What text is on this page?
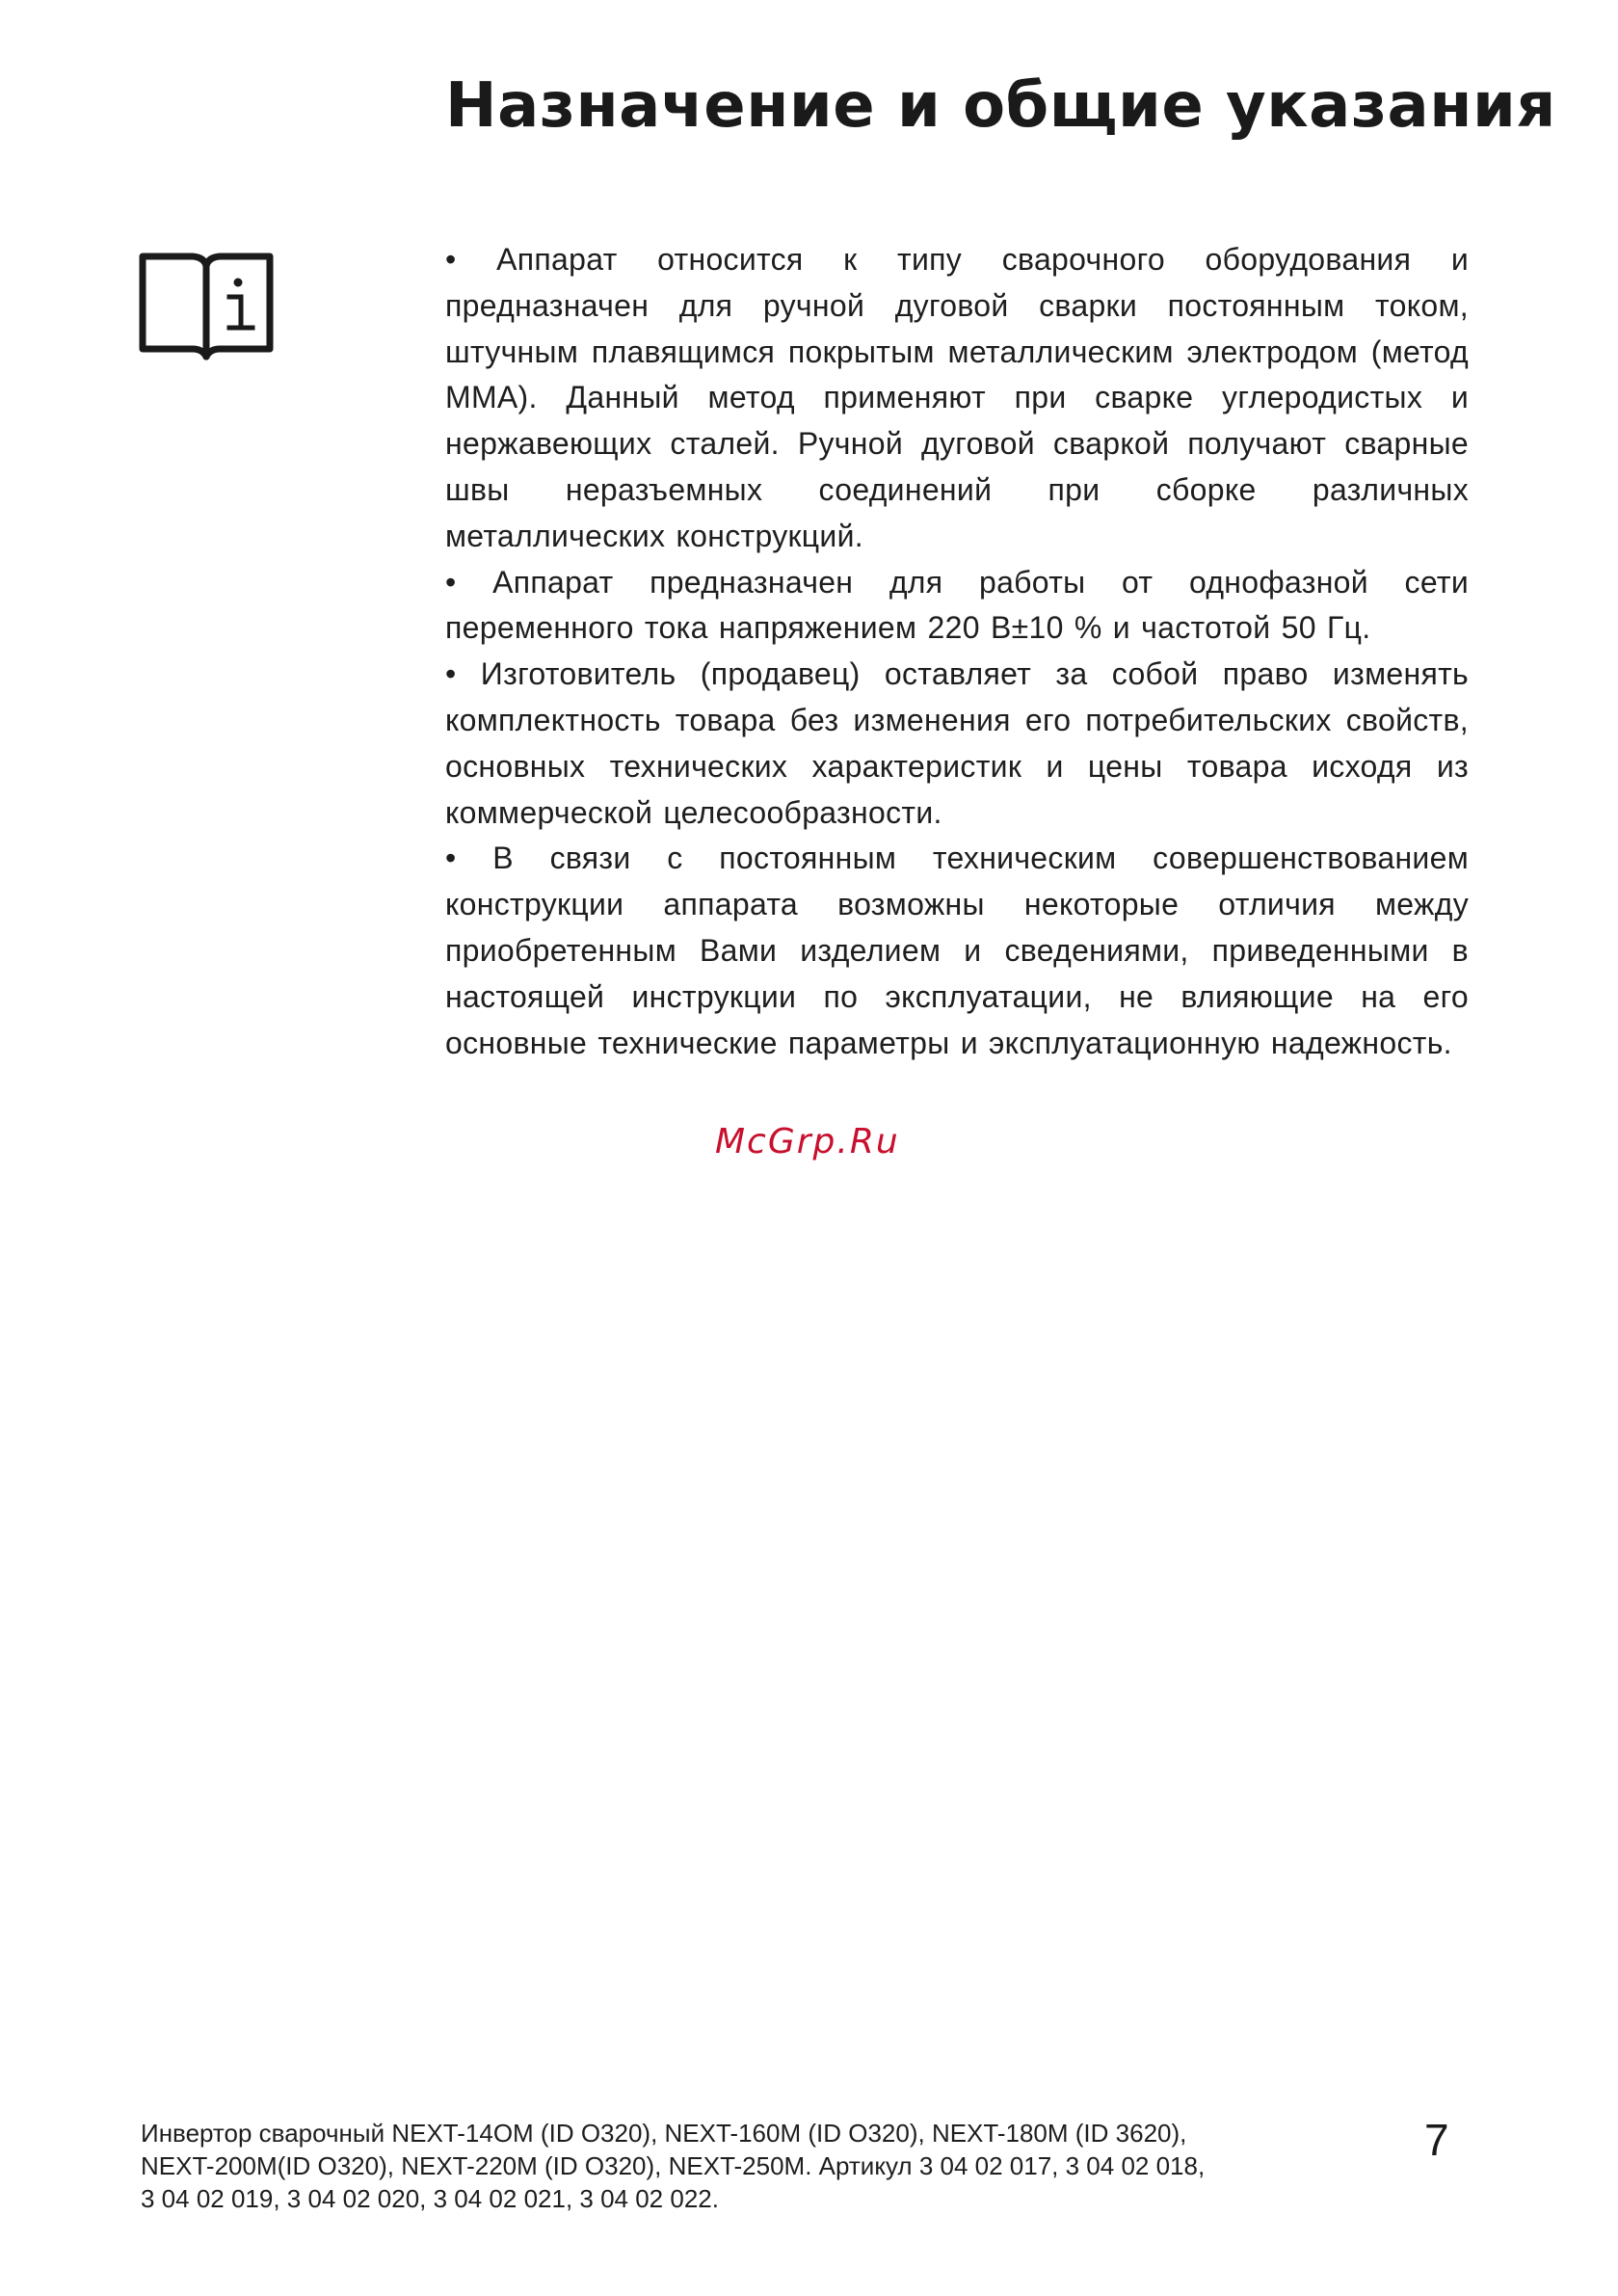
Назначение и общие указания

• Аппарат относится к типу сварочного оборудования и предназначен для ручной дуговой сварки постоянным током, штучным плавящимся покрытым металлическим электродом (метод ММА). Данный метод применяют при сварке углеродистых и нержавеющих сталей. Ручной дуговой сваркой получают сварные швы неразъемных соединений при сборке различных металлических конструкций.

• Аппарат предназначен для работы от однофазной сети переменного тока напряжением 220 В±10 % и частотой 50 Гц.

• Изготовитель (продавец) оставляет за собой право изменять комплектность товара без изменения его потребительских свойств, основных технических характеристик и цены товара исходя из коммерческой целесообразности.

• В связи с постоянным техническим совершенствованием конструкции аппарата возможны некоторые отличия между приобретенным Вами изделием и сведениями, приведенными в настоящей инструкции по эксплуатации, не влияющие на его основные технические параметры и эксплуатационную надежность.

McGrp.Ru
Инвертор сварочный NEXT-14OM (ID O320), NEXT-160M (ID O320), NEXT-180M (ID 3620),
NEXT-200M(ID O320), NEXT-220M (ID O320), NEXT-250M. Артикул 3 04 02 017, 3 04 02 018,
3 04 02 019, 3 04 02 020, 3 04 02 021, 3 04 02 022.
7
